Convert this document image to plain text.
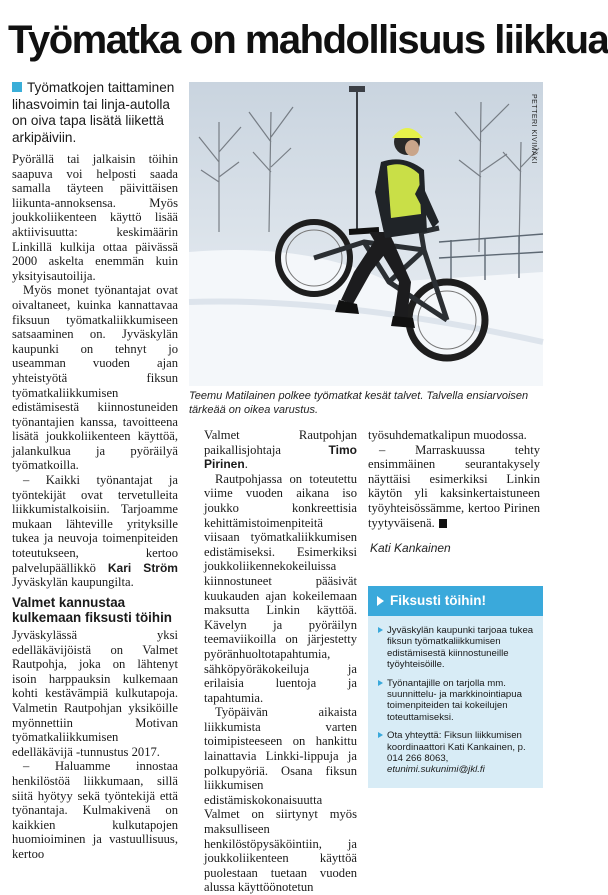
Työmatka on mahdollisuus liikkua
Työmatkojen taittaminen lihasvoimin tai linja-autolla on oiva tapa lisätä liikettä arkipäiviin.

Pyörällä tai jalkaisin töihin saapuva voi helposti saada samalla täyteen päivittäisen liikunta-annoksensa. Myös joukkoliikenteen käyttö lisää aktiivisuutta: keskimäärin Linkillä kulkija ottaa päivässä 2000 askelta enemmän kuin yksityisautoilija.

Myös monet työnantajat ovat oivaltaneet, kuinka kannattavaa fiksuun työmatkaliikkumiseen satsaaminen on. Jyväskylän kaupunki on tehnyt jo useamman vuoden ajan yhteistyötä fiksun työmatkaliikkumisen edistämisestä kiinnostuneiden työnantajien kanssa, tavoitteena lisätä joukkoliikenteen käyttöä, jalankulkua ja pyöräilyä työmatkoilla.

– Kaikki työnantajat ja työntekijät ovat tervetulleita liikkumistalkoisiin. Tarjoamme mukaan lähteville yrityksille tukea ja neuvoja toimenpiteiden toteutukseen, kertoo palvelupäällikkö Kari Ström Jyväskylän kaupungilta.

Valmet kannustaa kulkemaan fiksusti töihin

Jyväskylässä yksi edelläkävijöistä on Valmet Rautpohja, joka on lähtenyt isoin harppauksin kulkemaan kohti kestävämpiä kulkutapoja. Valmetin Rautpohjan yksiköille myönnettiin Motivan työmatkaliikkumisen edelläkävijä -tunnustus 2017.

– Haluamme innostaa henkilöstöä liikkumaan, sillä siitä hyötyy sekä työntekijä että työnantaja. Kulmakivenä on kaikkien kulkutapojen huomioiminen ja vastuullisuus, kertoo

PETTERI KIVIMÄKI

Teemu Matilainen polkee työmatkat kesät talvet. Talvella ensiarvoisen tärkeää on oikea varustus.

Valmet Rautpohjan paikallisjohtaja Timo Pirinen.

Rautpohjassa on toteutettu viime vuoden aikana iso joukko konkreettisia kehittämistoimenpiteitä viisaan työmatkaliikkumisen edistämiseksi. Esimerkiksi joukkoliikennekokeiluissa kiinnostuneet pääsivät kuukauden ajan kokeilemaan maksutta Linkin käyttöä. Kävelyn ja pyöräilyn teemaviikoilla on järjestetty pyöränhuoltotapahtumia, sähköpyöräkokeiluja ja erilaisia luentoja ja tapahtumia.

Työpäivän aikaista liikkumista varten toimipisteeseen on hankittu lainattavia Linkki-lippuja ja polkupyöriä. Osana fiksun liikkumisen edistämiskokonaisuutta Valmet on siirtynyt myös maksulliseen henkilöstöpysäköintiin, ja joukkoliikenteen käyttöä puolestaan tuetaan vuoden alussa käyttöönotetun

työsuhdematkalipun muodossa.

– Marraskuussa tehty ensimmäinen seurantakysely näyttäisi esimerkiksi Linkin käytön yli kaksinkertaistuneen työyhteisössämme, kertoo Pirinen tyytyväisenä.

Kati Kankainen
Fiksusti töihin!
Jyväskylän kaupunki tarjoaa tukea fiksun työmatkaliikkumisen edistämisestä kiinnostuneille työyhteisöille.
Työnantajille on tarjolla mm. suunnittelu- ja markkinointiapua toimenpiteiden tai kokeilujen toteuttamiseksi.
Ota yhteyttä: Fiksun liikkumisen koordinaattori Kati Kankainen, p. 014 266 8063, etunimi.sukunimi@jkl.fi
